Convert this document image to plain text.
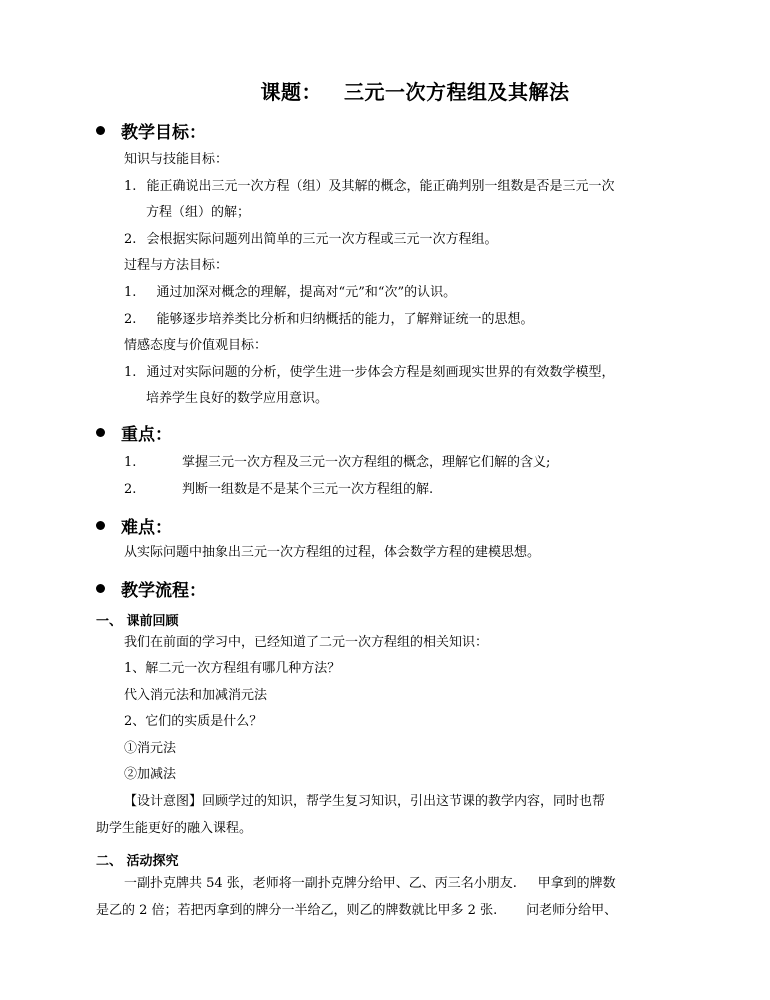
课题： 三元一次方程组及其解法
教学目标：
知识与技能目标：
1. 能正确说出三元一次方程（组）及其解的概念，能正确判别一组数是否是三元一次
方程（组）的解；
2. 会根据实际问题列出简单的三元一次方程或三元一次方程组。
过程与方法目标：
1. 通过加深对概念的理解，提高对“元”和“次”的认识。
2. 能够逐步培养类比分析和归纳概括的能力，了解辩证统一的思想。
情感态度与价值观目标：
1. 通过对实际问题的分析，使学生进一步体会方程是刻画现实世界的有效数学模型，
培养学生良好的数学应用意识。
重点：
1.	掌握三元一次方程及三元一次方程组的概念，理解它们解的含义;
2.	判断一组数是不是某个三元一次方程组的解.
难点：
从实际问题中抽象出三元一次方程组的过程，体会数学方程的建模思想。
教学流程：
一、 课前回顾
我们在前面的学习中，已经知道了二元一次方程组的相关知识：
1、解二元一次方程组有哪几种方法？
代入消元法和加减消元法
2、它们的实质是什么？
①消元法
②加减法
【设计意图】回顾学过的知识，帮学生复习知识，引出这节课的教学内容，同时也帮
助学生能更好的融入课程。
二、 活动探究
一副扑克牌共 54 张，老师将一副扑克牌分给甲、乙、丙三名小朋友.     甲拿到的牌数
是乙的 2 倍；若把丙拿到的牌分一半给乙，则乙的牌数就比甲多 2 张.       问老师分给甲、
